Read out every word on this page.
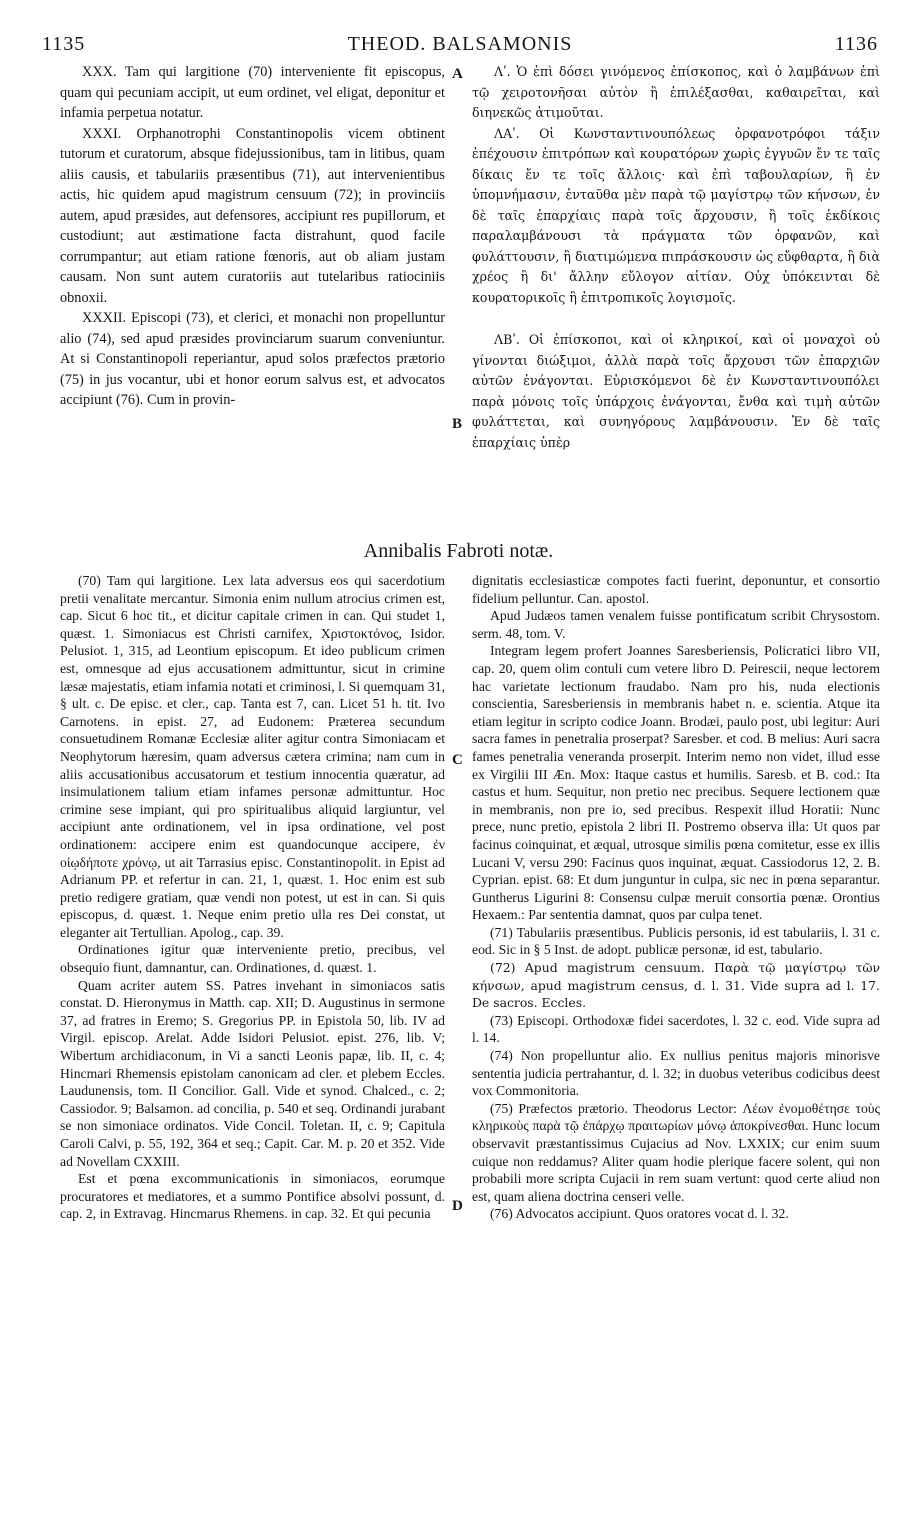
1135	THEOD. BALSAMONIS	1136

XXX. Tam qui largitione (70) interveniente fit episcopus, quam qui pecuniam accipit, ut eum ordinet, vel eligat, deponitur et infamia perpetua notatur.

XXXI. Orphanotrophi Constantinopolis vicem obtinent tutorum et curatorum, absque fidejussionibus, tam in litibus, quam aliis causis, et tabulariis præsentibus (71), aut intervenientibus actis, hic quidem apud magistrum censuum (72); in provinciis autem, apud præsides, aut defensores, accipiunt res pupillorum, et custodiunt; aut æstimatione facta distrahunt, quod facile corrumpantur; aut etiam ratione fœnoris, aut ob aliam justam causam. Non sunt autem curatoriis aut tutelaribus ratiociniis obnoxii.

XXXII. Episcopi (73), et clerici, et monachi non propelluntur alio (74), sed apud præsides provinciarum suarum conveniuntur. At si Constantinopoli reperiantur, apud solos præfectos prætorio (75) in jus vocantur, ubi et honor eorum salvus est, et advocatos accipiunt (76). Cum in provin-

Λʹ. Ὁ ἐπὶ δόσει γινόμενος ἐπίσκοπος, καὶ ὁ λαμβάνων ἐπὶ τῷ χειροτονῆσαι αὐτὸν ἢ ἐπιλέξασθαι, καθαιρεῖται, καὶ διηνεκῶς ἀτιμοῦται.

ΛΑʹ. Οἱ Κωνσταντινουπόλεως ὀρφανοτρόφοι τάξιν ἐπέχουσιν ἐπιτρόπων καὶ κουρατόρων χωρὶς ἐγγυῶν ἔν τε ταῖς δίκαις ἔν τε τοῖς ἄλλοις· καὶ ἐπὶ ταβουλαρίων, ἢ ἐν ὑπομνήμασιν, ἐνταῦθα μὲν παρὰ τῷ μαγίστρῳ τῶν κήνσων, ἐν δὲ ταῖς ἐπαρχίαις παρὰ τοῖς ἄρχουσιν, ἢ τοῖς ἐκδίκοις παραλαμβάνουσι τὰ πράγματα τῶν ὀρφανῶν, καὶ φυλάττουσιν, ἢ διατιμώμενα πιπράσκουσιν ὡς εὔφθαρτα, ἢ διὰ χρέος ἢ δι' ἄλλην εὔλογον αἰτίαν. Οὐχ ὑπόκεινται δὲ κουρατορικοῖς ἢ ἐπιτροπικοῖς λογισμοῖς.

ΛΒʹ. Οἱ ἐπίσκοποι, καὶ οἱ κληρικοί, καὶ οἱ μοναχοὶ οὐ γίνονται διώξιμοι, ἀλλὰ παρὰ τοῖς ἄρχουσι τῶν ἐπαρχιῶν αὐτῶν ἐνάγονται. Εὑρισκόμενοι δὲ ἐν Κωνσταντινουπόλει παρὰ μόνοις τοῖς ὑπάρχοις ἐνάγονται, ἔνθα καὶ τιμὴ αὐτῶν φυλάττεται, καὶ συνηγόρους λαμβάνουσιν. Ἐν δὲ ταῖς ἐπαρχίαις ὑπὲρ

A
B
Annibalis Fabroti notæ.

(70) Tam qui largitione. Lex lata adversus eos qui sacerdotium pretii venalitate mercantur. Simonia enim nullum atrocius crimen est, cap. Sicut 6 hoc tit., et dicitur capitale crimen in can. Qui studet 1, quæst. 1. Simoniacus est Christi carnifex, Χριστοκτόνος, Isidor. Pelusiot. 1, 315, ad Leontium episcopum. Et ideo publicum crimen est, omnesque ad ejus accusationem admittuntur, sicut in crimine læsæ majestatis, etiam infamia notati et criminosi, l. Si quemquam 31, § ult. c. De episc. et cler., cap. Tanta est 7, can. Licet 51 h. tit. Ivo Carnotens. in epist. 27, ad Eudonem: Præterea secundum consuetudinem Romanæ Ecclesiæ aliter agitur contra Simoniacam et Neophytorum hæresim, quam adversus cætera crimina; nam cum in aliis accusationibus accusatorum et testium innocentia quæratur, ad insimulationem talium etiam infames personæ admittuntur. Hoc crimine sese impiant, qui pro spiritualibus aliquid largiuntur, vel accipiunt ante ordinationem, vel in ipsa ordinatione, vel post ordinationem: accipere enim est quandocunque accipere, ἐν οἱῳδήποτε χρόνῳ, ut ait Tarrasius episc. Constantinopolit. in Epist ad Adrianum PP. et refertur in can. 21, 1, quæst. 1. Hoc enim est sub pretio redigere gratiam, quæ vendi non potest, ut est in can. Si quis episcopus, d. quæst. 1. Neque enim pretio ulla res Dei constat, ut eleganter ait Tertullian. Apolog., cap. 39.

Ordinationes igitur quæ interveniente pretio, precibus, vel obsequio fiunt, damnantur, can. Ordinationes, d. quæst. 1.

Quam acriter autem SS. Patres invehant in simoniacos satis constat. D. Hieronymus in Matth. cap. XII; D. Augustinus in sermone 37, ad fratres in Eremo; S. Gregorius PP. in Epistola 50, lib. IV ad Virgil. episcop. Arelat. Adde Isidori Pelusiot. epist. 276, lib. V; Wibertum archidiaconum, in Vi a sancti Leonis papæ, lib. II, c. 4; Hincmari Rhemensis epistolam canonicam ad cler. et plebem Eccles. Laudunensis, tom. II Concilior. Gall. Vide et synod. Chalced., c. 2; Cassiodor. 9; Balsamon. ad concilia, p. 540 et seq. Ordinandi jurabant se non simoniace ordinatos. Vide Concil. Toletan. II, c. 9; Capitula Caroli Calvi, p. 55, 192, 364 et seq.; Capit. Car. M. p. 20 et 352. Vide ad Novellam CXXIII.

Est et pœna excommunicationis in simoniacos, eorumque procuratores et mediatores, et a summo Pontifice absolvi possunt, d. cap. 2, in Extravag. Hincmarus Rhemens. in cap. 32. Et qui pecunia

dignitatis ecclesiasticæ compotes facti fuerint, deponuntur, et consortio fidelium pelluntur. Can. apostol.

Apud Judæos tamen venalem fuisse pontificatum scribit Chrysostom. serm. 48, tom. V.

Integram legem profert Joannes Saresberiensis, Policratici libro VII, cap. 20, quem olim contuli cum vetere libro D. Peirescii, neque lectorem hac varietate lectionum fraudabo. Nam pro his, nuda electionis conscientia, Saresberiensis in membranis habet n. e. scientia. Atque ita etiam legitur in scripto codice Joann. Brodæi, paulo post, ubi legitur: Auri sacra fames in penetralia proserpat? Saresber. et cod. B melius: Auri sacra fames penetralia veneranda proserpit. Interim nemo non videt, illud esse ex Virgilii III Æn. Mox: Itaque castus et humilis. Saresb. et B. cod.: Ita castus et hum. Sequitur, non pretio nec precibus. Sequere lectionem quæ in membranis, non pre io, sed precibus. Respexit illud Horatii: Nunc prece, nunc pretio, epistola 2 libri II. Postremo observa illa: Ut quos par facinus coinquinat, et æqual, utrosque similis pœna comitetur, esse ex illis Lucani V, versu 290: Facinus quos inquinat, æquat. Cassiodorus 12, 2. B. Cyprian. epist. 68: Et dum junguntur in culpa, sic nec in pœna separantur. Guntherus Ligurini 8: Consensu culpæ meruit consortia pœnæ. Orontius Hexaem.: Par sententia damnat, quos par culpa tenet.

(71) Tabulariis præsentibus. Publicis personis, id est tabulariis, l. 31 c. eod. Sic in § 5 Inst. de adopt. publicæ personæ, id est, tabulario.

(72) Apud magistrum censuum. Παρὰ τῷ μαγίστρῳ τῶν κήνσων, apud magistrum census, d. l. 31. Vide supra ad l. 17. De sacros. Eccles.

(73) Episcopi. Orthodoxæ fidei sacerdotes, l. 32 c. eod. Vide supra ad l. 14.

(74) Non propelluntur alio. Ex nullius penitus majoris minorisve sententia judicia pertrahantur, d. l. 32; in duobus veteribus codicibus deest vox Commonitoria.

(75) Præfectos prætorio. Theodorus Lector: Λέων ἐνομοθέτησε τοὺς κληρικοὺς παρὰ τῷ ἐπάρχῳ πραιτωρίων μόνῳ ἀποκρίνεσθαι. Hunc locum observavit præstantissimus Cujacius ad Nov. LXXIX; cur enim suum cuique non reddamus? Aliter quam hodie plerique facere solent, qui non probabili more scripta Cujacii in rem suam vertunt: quod certe aliud non est, quam aliena doctrina censeri velle.

(76) Advocatos accipiunt. Quos oratores vocat d. l. 32.

C
D
